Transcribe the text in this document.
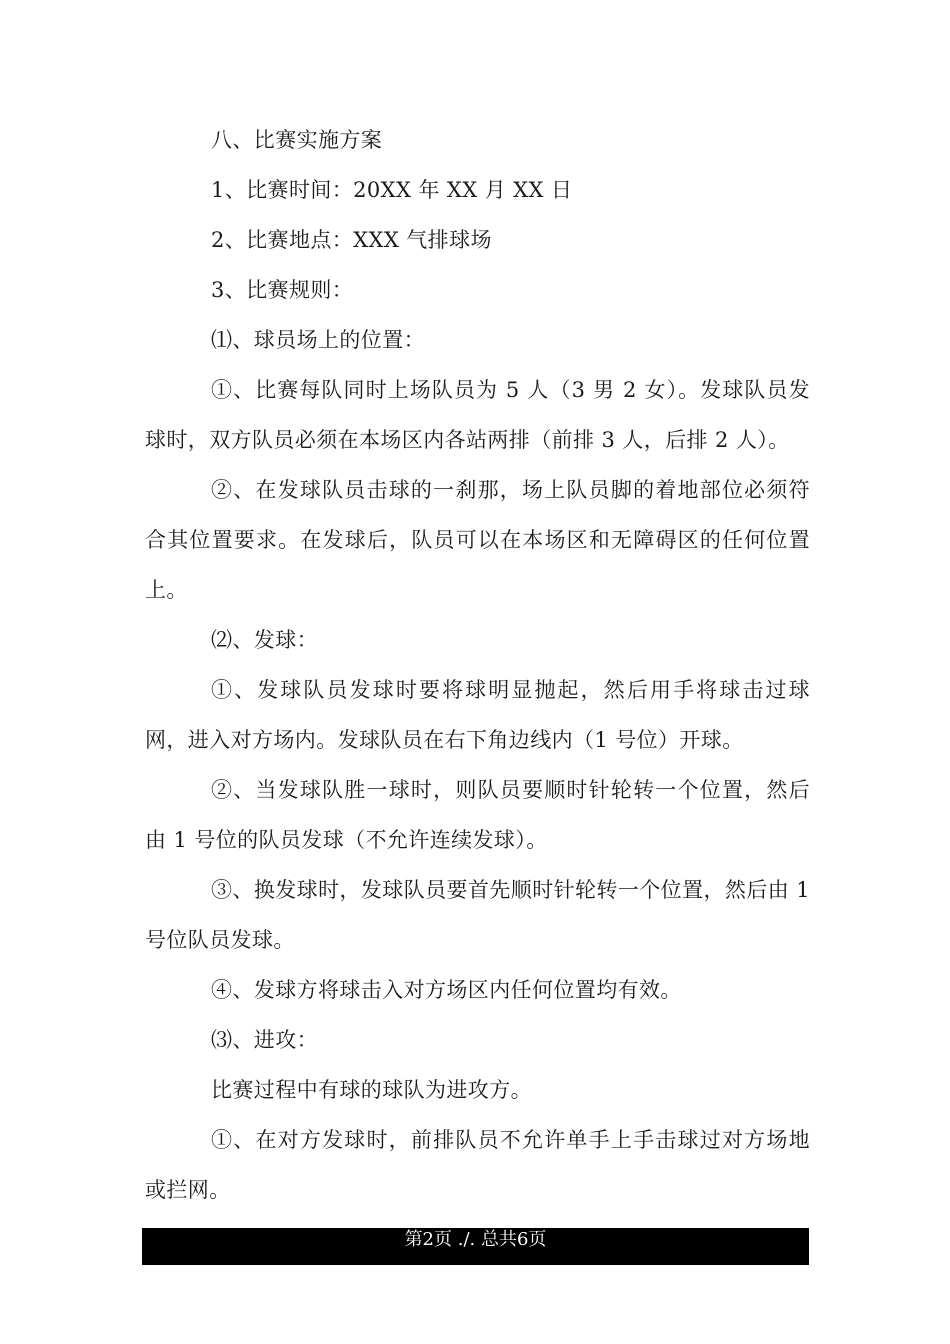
八、比赛实施方案

1、比赛时间：20XX 年 XX 月 XX 日

2、比赛地点：XXX 气排球场

3、比赛规则：

⑴、球员场上的位置：

①、比赛每队同时上场队员为 5 人（3 男 2 女）。发球队员发球时，双方队员必须在本场区内各站两排（前排 3 人，后排 2 人）。

②、在发球队员击球的一刹那，场上队员脚的着地部位必须符合其位置要求。在发球后，队员可以在本场区和无障碍区的任何位置上。

⑵、发球：

①、发球队员发球时要将球明显抛起，然后用手将球击过球网，进入对方场内。发球队员在右下角边线内（1 号位）开球。

②、当发球队胜一球时，则队员要顺时针轮转一个位置，然后由 1 号位的队员发球（不允许连续发球）。

③、换发球时，发球队员要首先顺时针轮转一个位置，然后由 1 号位队员发球。

④、发球方将球击入对方场区内任何位置均有效。

⑶、进攻：

比赛过程中有球的球队为进攻方。

①、在对方发球时，前排队员不允许单手上手击球过对方场地或拦网。

第2页 ./. 总共6页
